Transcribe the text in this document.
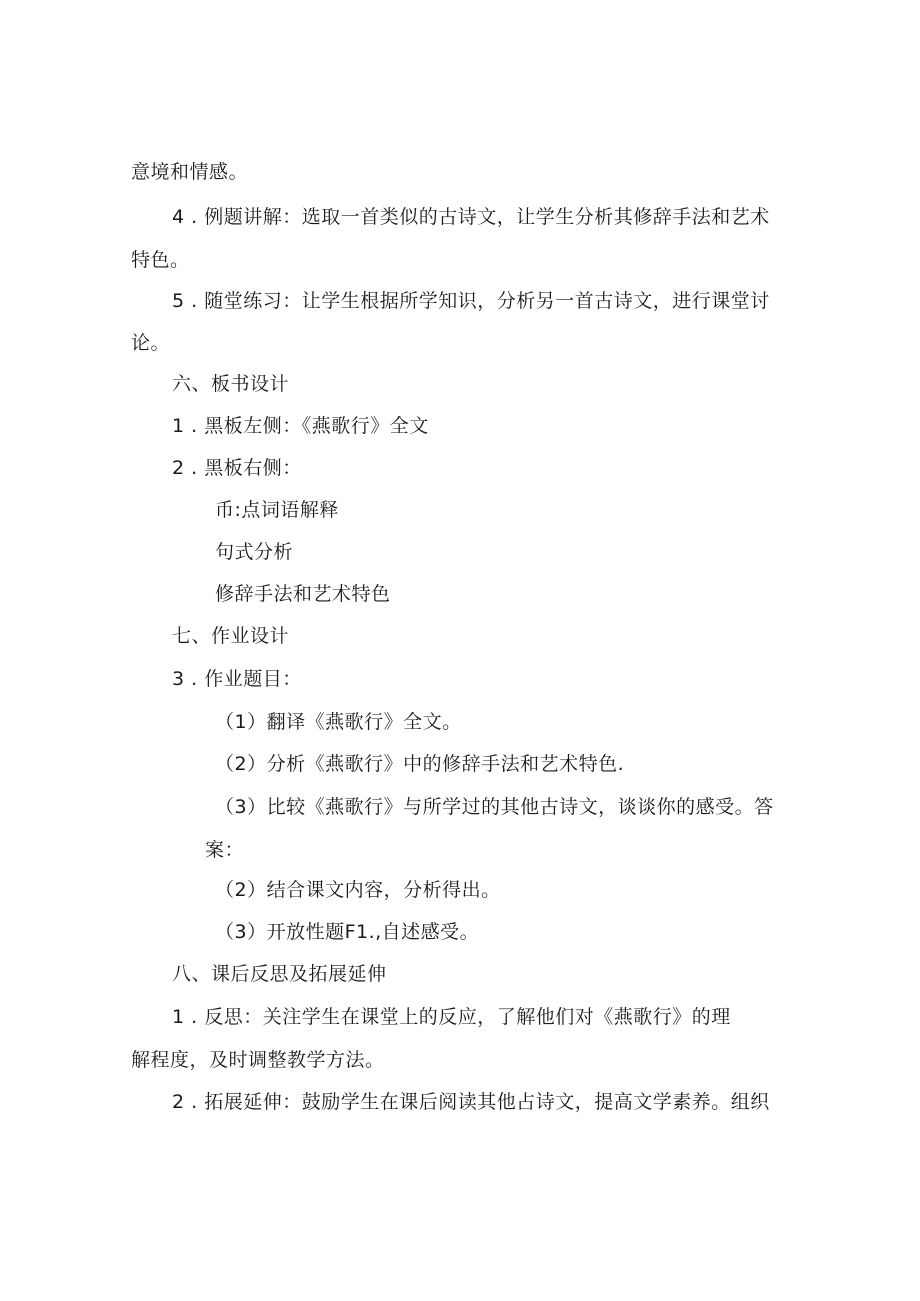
意境和情感。
4 . 例题讲解：选取一首类似的古诗文，让学生分析其修辞手法和艺术
特色。
5 . 随堂练习：让学生根据所学知识，分析另一首古诗文，进行课堂讨
论。
六、板书设计
1 . 黑板左侧：《燕歌行》全文
2 . 黑板右侧：
币:点词语解释
句式分析
修辞手法和艺术特色
七、作业设计
3 . 作业题目：
（1）翻译《燕歌行》全文。
（2）分析《燕歌行》中的修辞手法和艺术特色.
（3）比较《燕歌行》与所学过的其他古诗文，谈谈你的感受。答
案：
（2）结合课文内容，分析得出。
（3）开放性题F1.,自述感受。
八、课后反思及拓展延伸
1 . 反思：关注学生在课堂上的反应，了解他们对《燕歌行》的理
解程度，及时调整教学方法。
2 . 拓展延伸：鼓励学生在课后阅读其他占诗文，提高文学素养。组织
